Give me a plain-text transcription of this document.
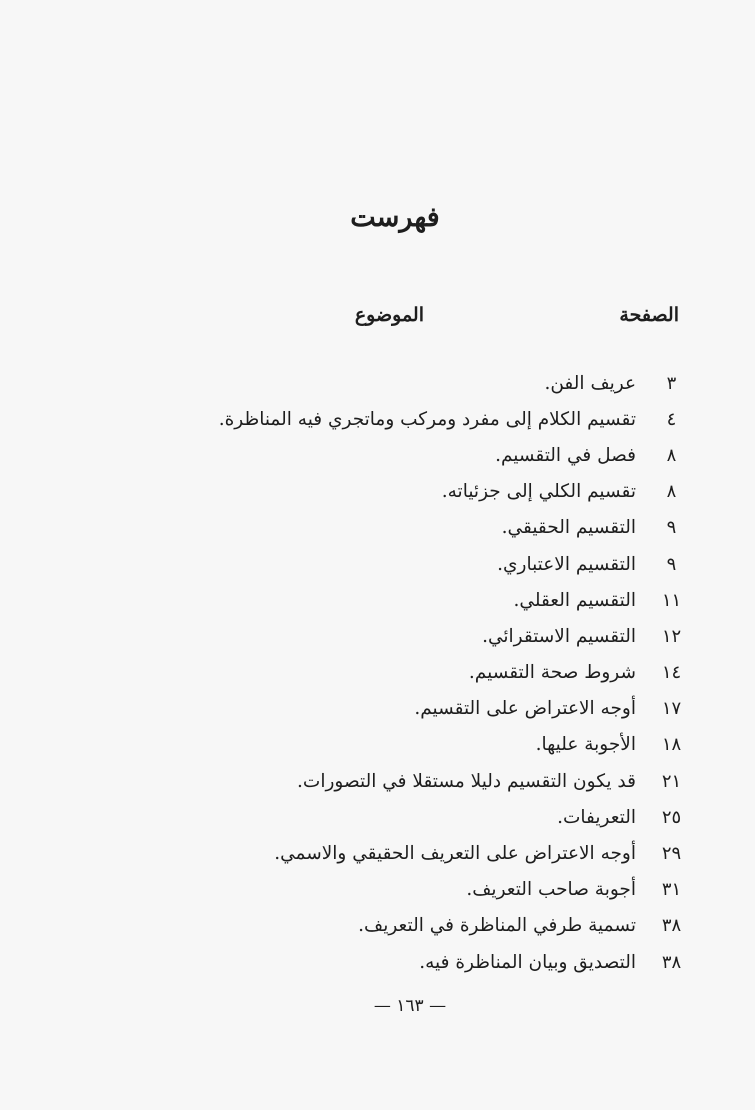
فهرست
الصفحة
الموضوع
٣
عريف الفن.
٤
تقسيم الكلام إلى مفرد ومركب وماتجري فيه المناظرة.
٨
فصل في التقسيم.
٨
تقسيم الكلي إلى جزئياته.
٩
التقسيم الحقيقي.
٩
التقسيم الاعتباري.
١١
التقسيم العقلي.
١٢
التقسيم الاستقرائي.
١٤
شروط صحة التقسيم.
١٧
أوجه الاعتراض على التقسيم.
١٨
الأجوبة عليها.
٢١
قد يكون التقسيم دليلا مستقلا في التصورات.
٢٥
التعريفات.
٢٩
أوجه الاعتراض على التعريف الحقيقي والاسمي.
٣١
أجوبة صاحب التعريف.
٣٨
تسمية طرفي المناظرة في التعريف.
٣٨
التصديق وبيان المناظرة فيه.
— ١٦٣ —
